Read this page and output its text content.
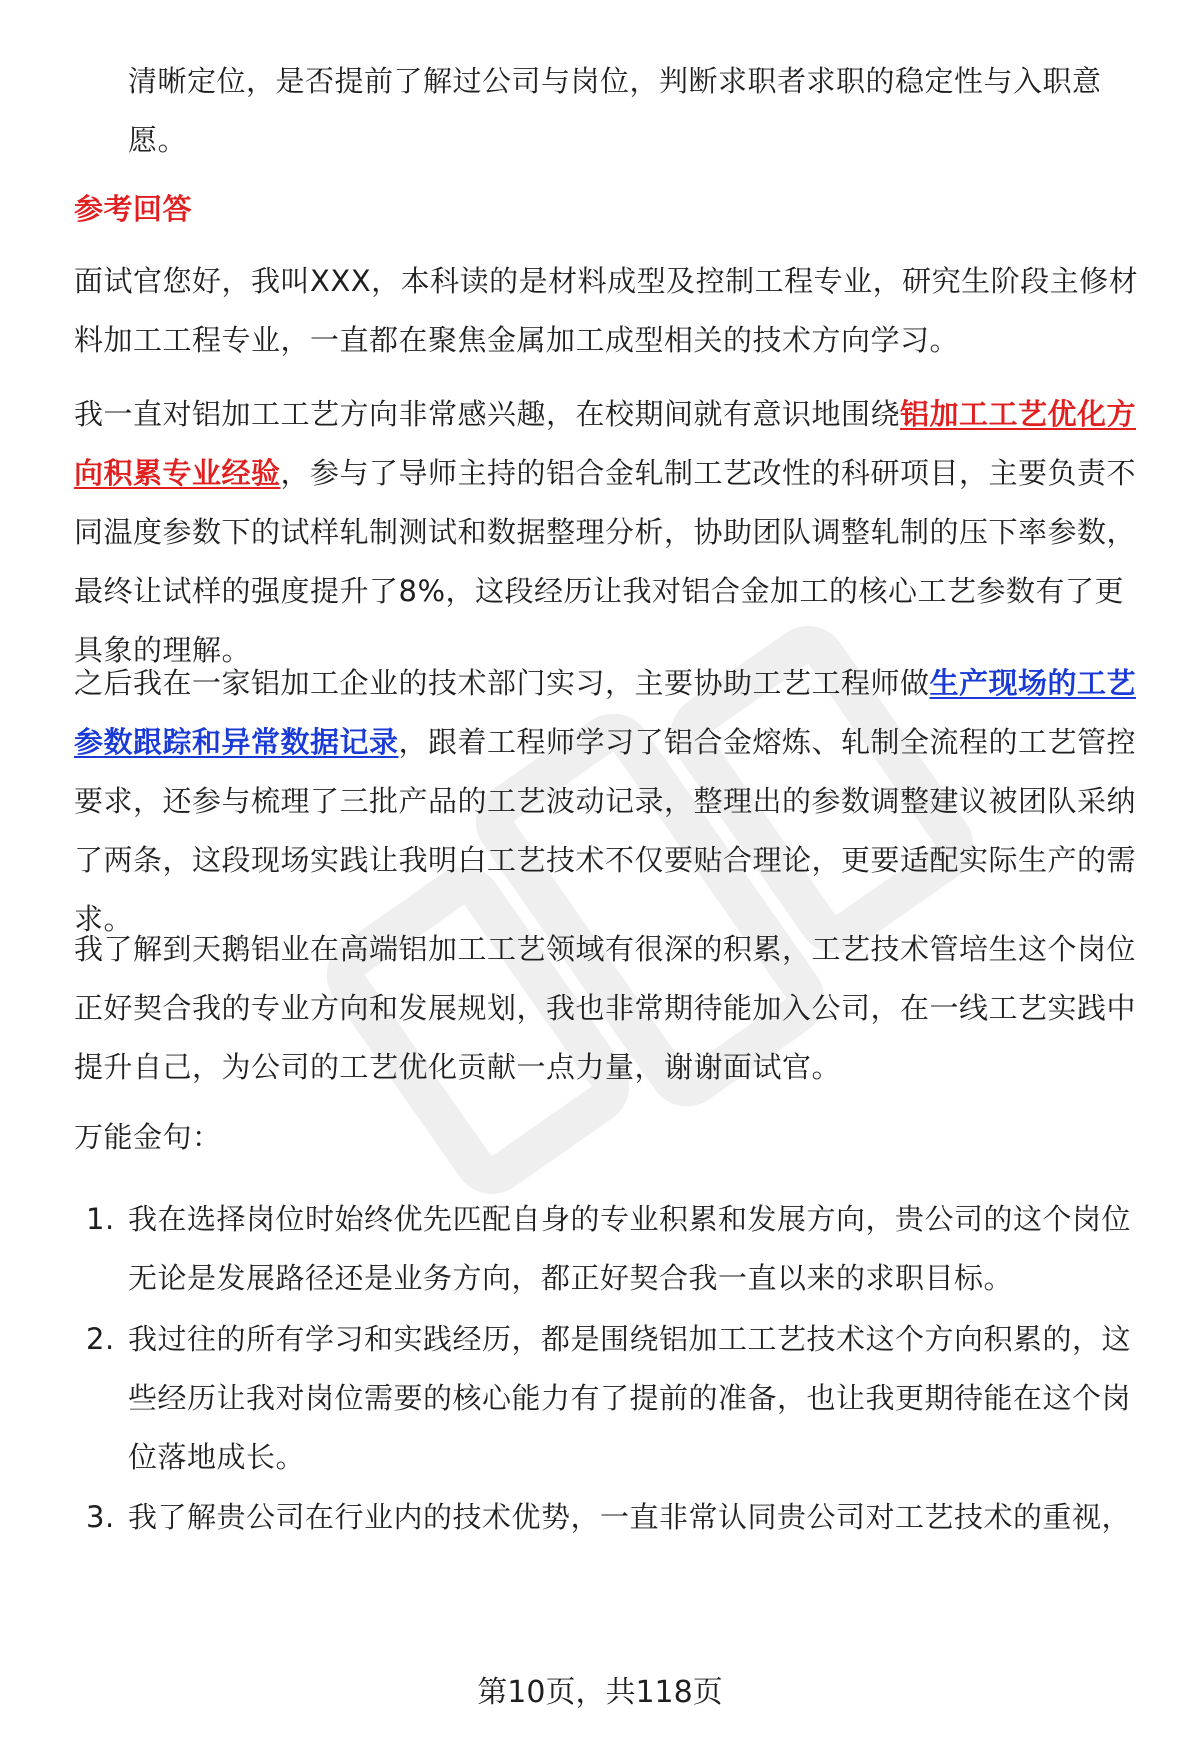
清晰定位，是否提前了解过公司与岗位，判断求职者求职的稳定性与入职意愿。

参考回答

面试官您好，我叫XXX，本科读的是材料成型及控制工程专业，研究生阶段主修材料加工工程专业，一直都在聚焦金属加工成型相关的技术方向学习。

我一直对铝加工工艺方向非常感兴趣，在校期间就有意识地围绕铝加工工艺优化方向积累专业经验，参与了导师主持的铝合金轧制工艺改性的科研项目，主要负责不同温度参数下的试样轧制测试和数据整理分析，协助团队调整轧制的压下率参数，最终让试样的强度提升了8%，这段经历让我对铝合金加工的核心工艺参数有了更具象的理解。

之后我在一家铝加工企业的技术部门实习，主要协助工艺工程师做生产现场的工艺参数跟踪和异常数据记录，跟着工程师学习了铝合金熔炼、轧制全流程的工艺管控要求，还参与梳理了三批产品的工艺波动记录，整理出的参数调整建议被团队采纳了两条，这段现场实践让我明白工艺技术不仅要贴合理论，更要适配实际生产的需求。

我了解到天鹅铝业在高端铝加工工艺领域有很深的积累，工艺技术管培生这个岗位正好契合我的专业方向和发展规划，我也非常期待能加入公司，在一线工艺实践中提升自己，为公司的工艺优化贡献一点力量，谢谢面试官。

万能金句：

1. 我在选择岗位时始终优先匹配自身的专业积累和发展方向，贵公司的这个岗位无论是发展路径还是业务方向，都正好契合我一直以来的求职目标。
2. 我过往的所有学习和实践经历，都是围绕铝加工工艺技术这个方向积累的，这些经历让我对岗位需要的核心能力有了提前的准备，也让我更期待能在这个岗位落地成长。
3. 我了解贵公司在行业内的技术优势，一直非常认同贵公司对工艺技术的重视，
第10页，共118页
